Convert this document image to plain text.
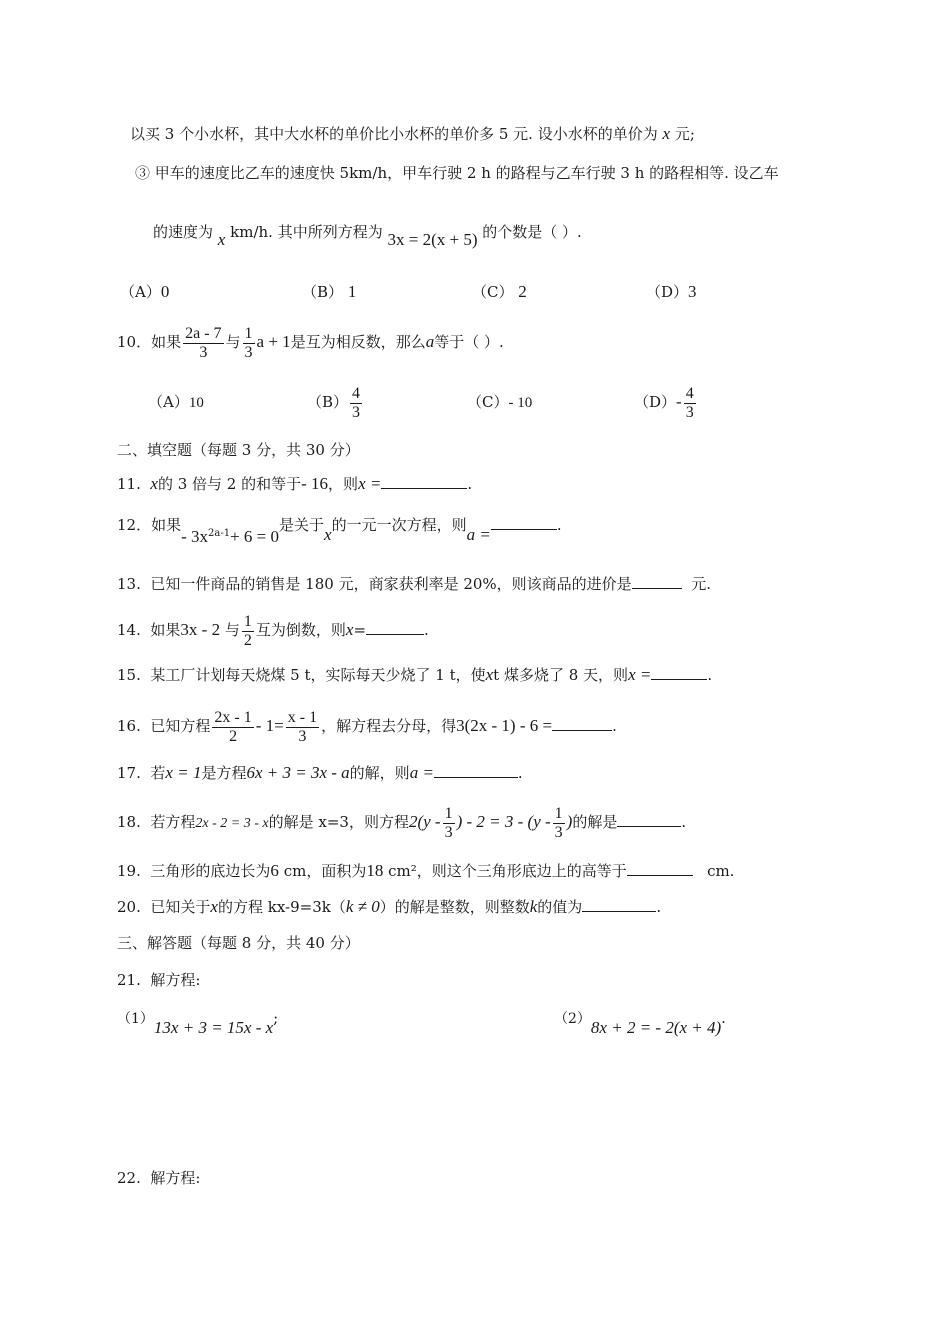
以买 3 个小水杯，其中大水杯的单价比小水杯的单价多 5 元. 设小水杯的单价为 x 元;
③ 甲车的速度比乙车的速度快 5km/h，甲车行驶 2 h 的路程与乙车行驶 3 h 的路程相等. 设乙车
的速度为 x km/h. 其中所列方程为 3x = 2(x + 5) 的个数是（ ）.
（A）0	（B） 1	（C） 2	（D）3
10．如果 $\frac{2a - 7}{3}$ 与 $\frac{1}{3}$ a + 1是互为相反数，那么a等于（ ）.
（A）10	$(B) \frac{4}{3}$	（C）- 10	$(D)- \frac{4}{3}$
二、填空题（每题 3 分，共 30 分）
11. x的 3 倍与 2 的和等于- 16，则x =	.
12．如果- $3x^{2a-1}+ 6 = 0$是关于x的一元一次方程，则a =	.
13. 已知一件商品的销售是 180 元，商家获利率是 20%，则该商品的进价是	元.
14. 如果3x - 2 与 $\frac{1}{2}$ 互为倒数，则x=	.
15. 某工厂计划每天烧煤 5 t，实际每天少烧了 1 t，使xt 煤多烧了 8 天，则x =	.
16. 已知方程 $\frac{2x - 1}{2} - 1= \frac{x - 1}{3}$ ，解方程去分母，得3(2x - 1) - 6 =	.
17. 若x = 1是方程6x + 3 = 3x - a的解，则a =	.
18. 若方程2x - 2 = 3 - x的解是 x=3，则方程$2(y - \frac{1}{3}$ ) - $2 = 3 - (y - \frac{1}{3}$ )的解是	.
19. 三角形的底边长为6 cm，面积为18 cm²，则这个三角形底边上的高等于	cm.
20. 已知关于x的方程 kx-9=3k（k ≠ 0）的解是整数，则整数k的值为	.
三、解答题（每题 8 分，共 40 分）
21. 解方程:
（1）13x + 3 = 15x - x;	（2）8x + 2 = - 2(x + 4).
22. 解方程:
